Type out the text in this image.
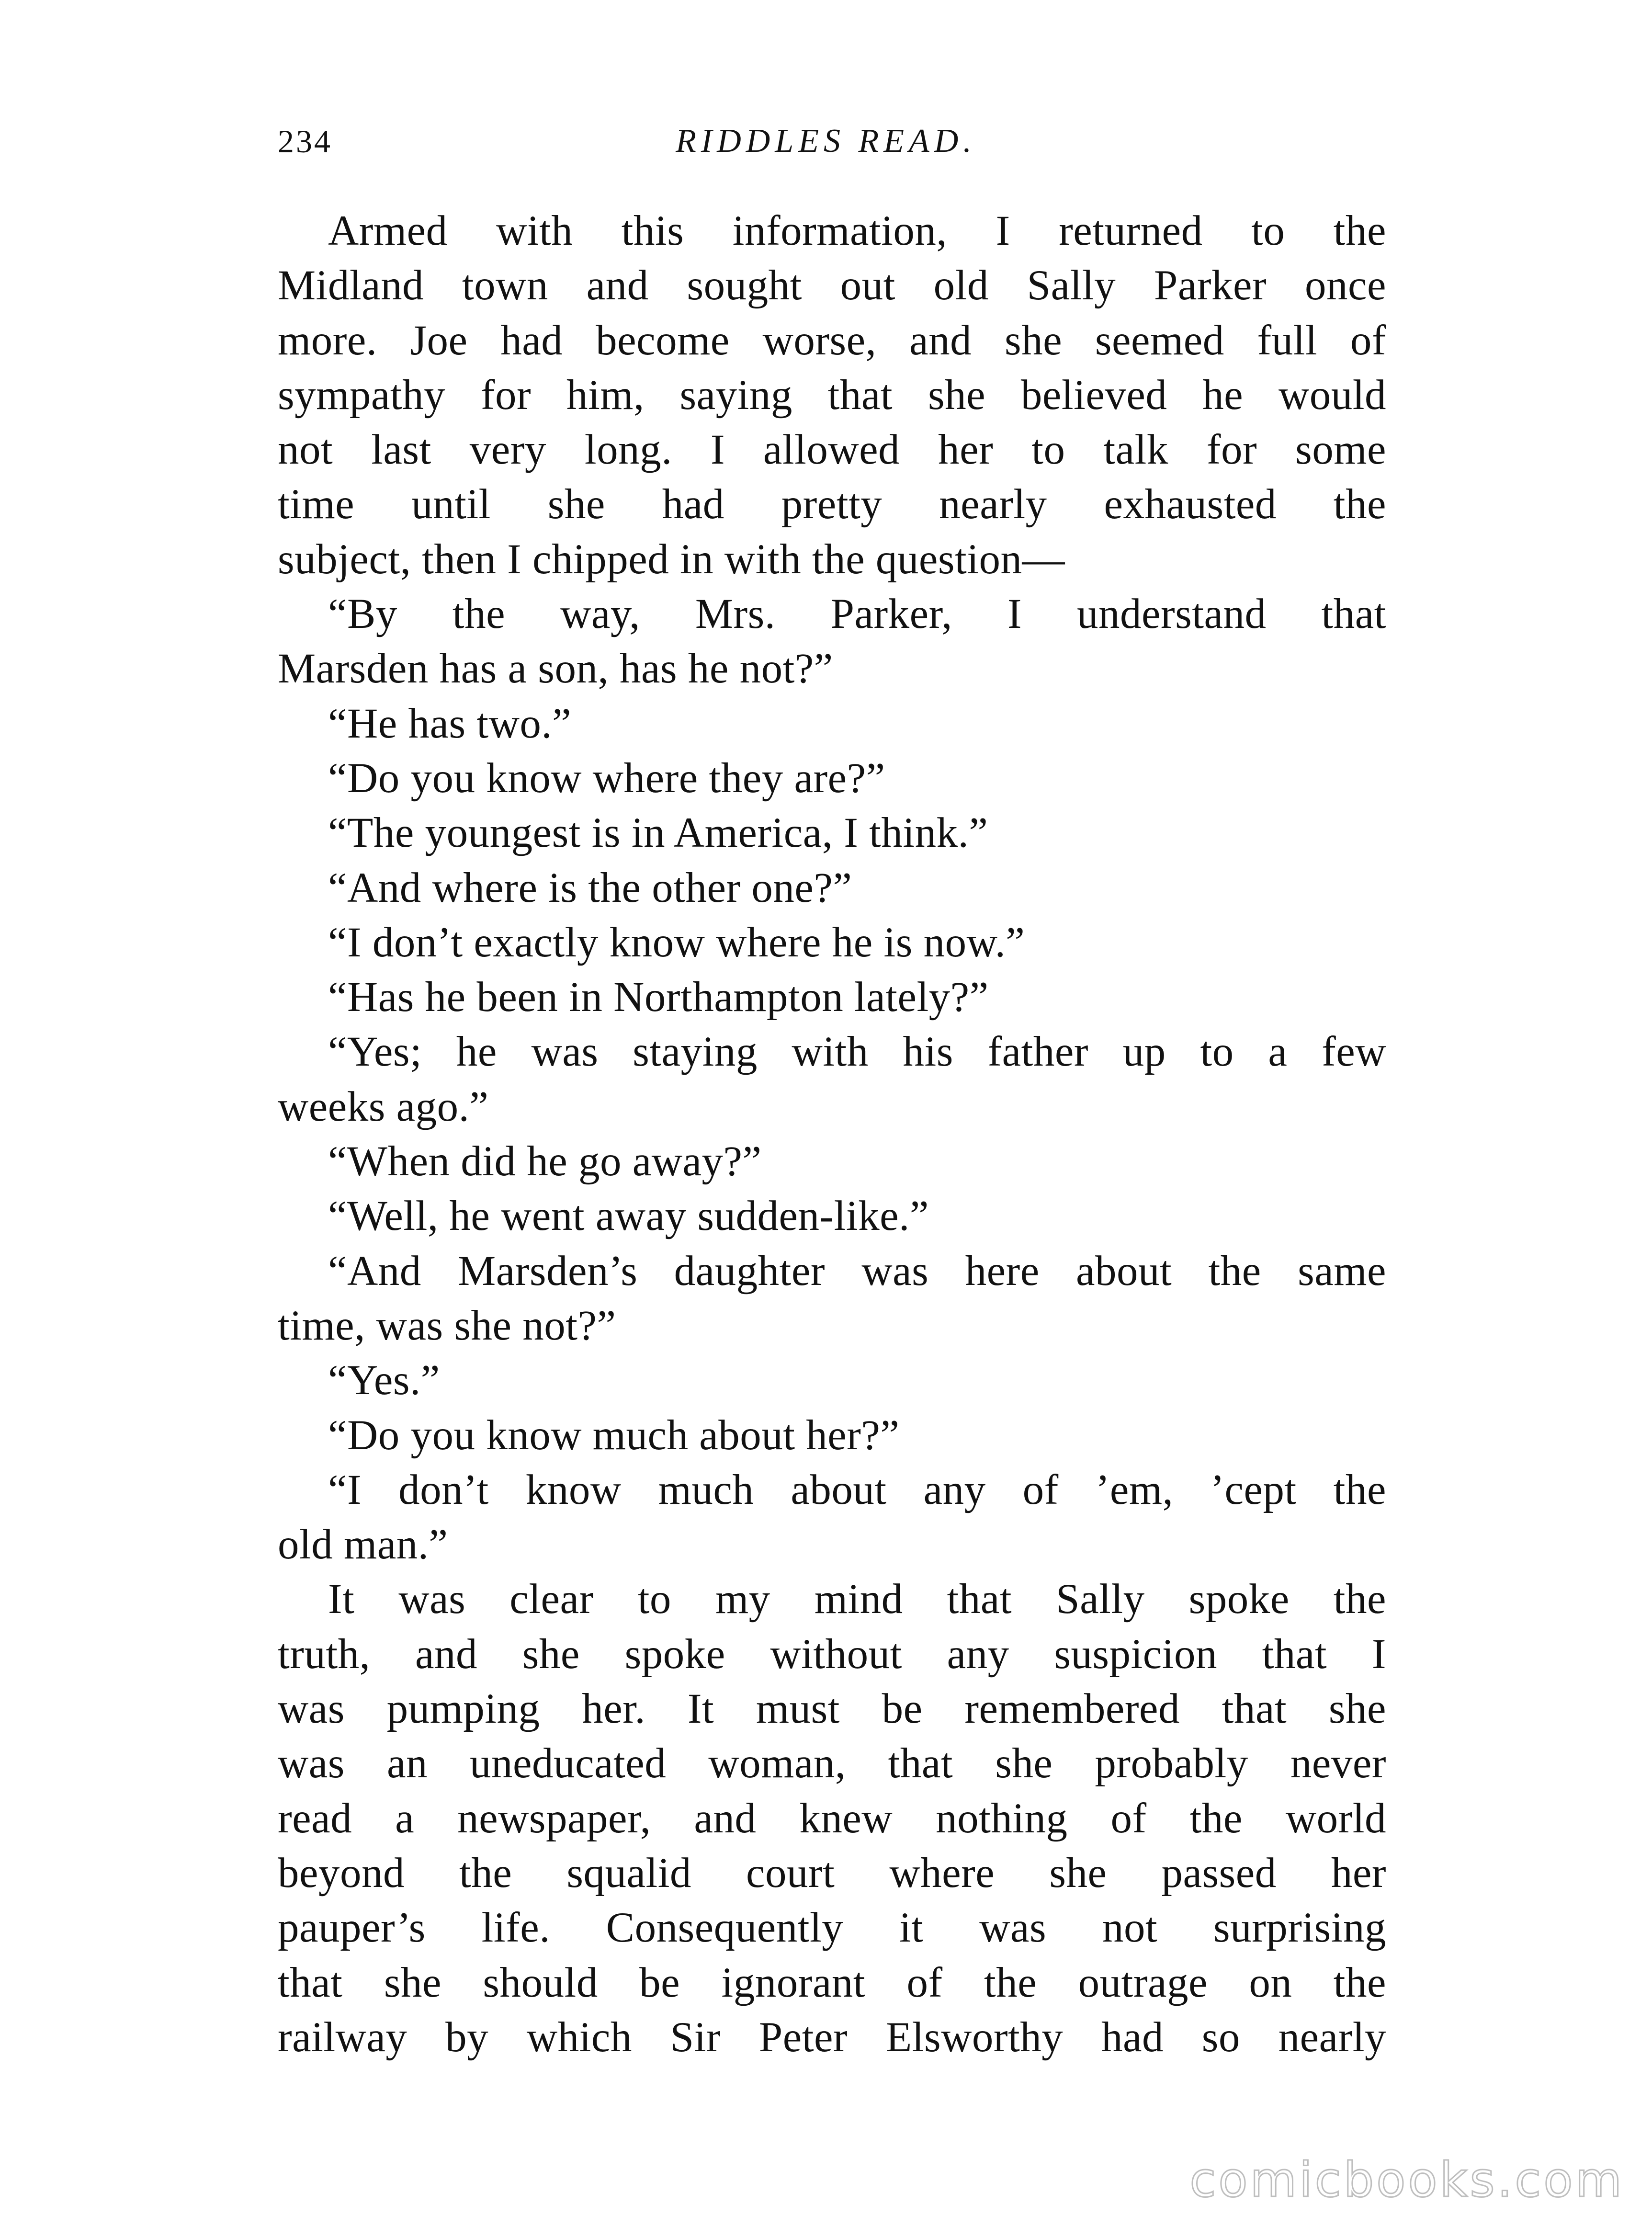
234	RIDDLES READ.
Armed with this information, I returned to the
Midland town and sought out old Sally Parker once
more. Joe had become worse, and she seemed full of
sympathy for him, saying that she believed he would
not last very long. I allowed her to talk for some
time until she had pretty nearly exhausted the
subject, then I chipped in with the question—
“By the way, Mrs. Parker, I understand that
Marsden has a son, has he not?”
“He has two.”
“Do you know where they are?”
“The youngest is in America, I think.”
“And where is the other one?”
“I don’t exactly know where he is now.”
“Has he been in Northampton lately?”
“Yes; he was staying with his father up to a few
weeks ago.”
“When did he go away?”
“Well, he went away sudden-like.”
“And Marsden’s daughter was here about the same
time, was she not?”
“Yes.”
“Do you know much about her?”
“I don’t know much about any of ’em, ’cept the
old man.”
It was clear to my mind that Sally spoke the
truth, and she spoke without any suspicion that I
was pumping her. It must be remembered that she
was an uneducated woman, that she probably never
read a newspaper, and knew nothing of the world
beyond the squalid court where she passed her
pauper’s life. Consequently it was not surprising
that she should be ignorant of the outrage on the
railway by which Sir Peter Elsworthy had so nearly
comicbooks.com
